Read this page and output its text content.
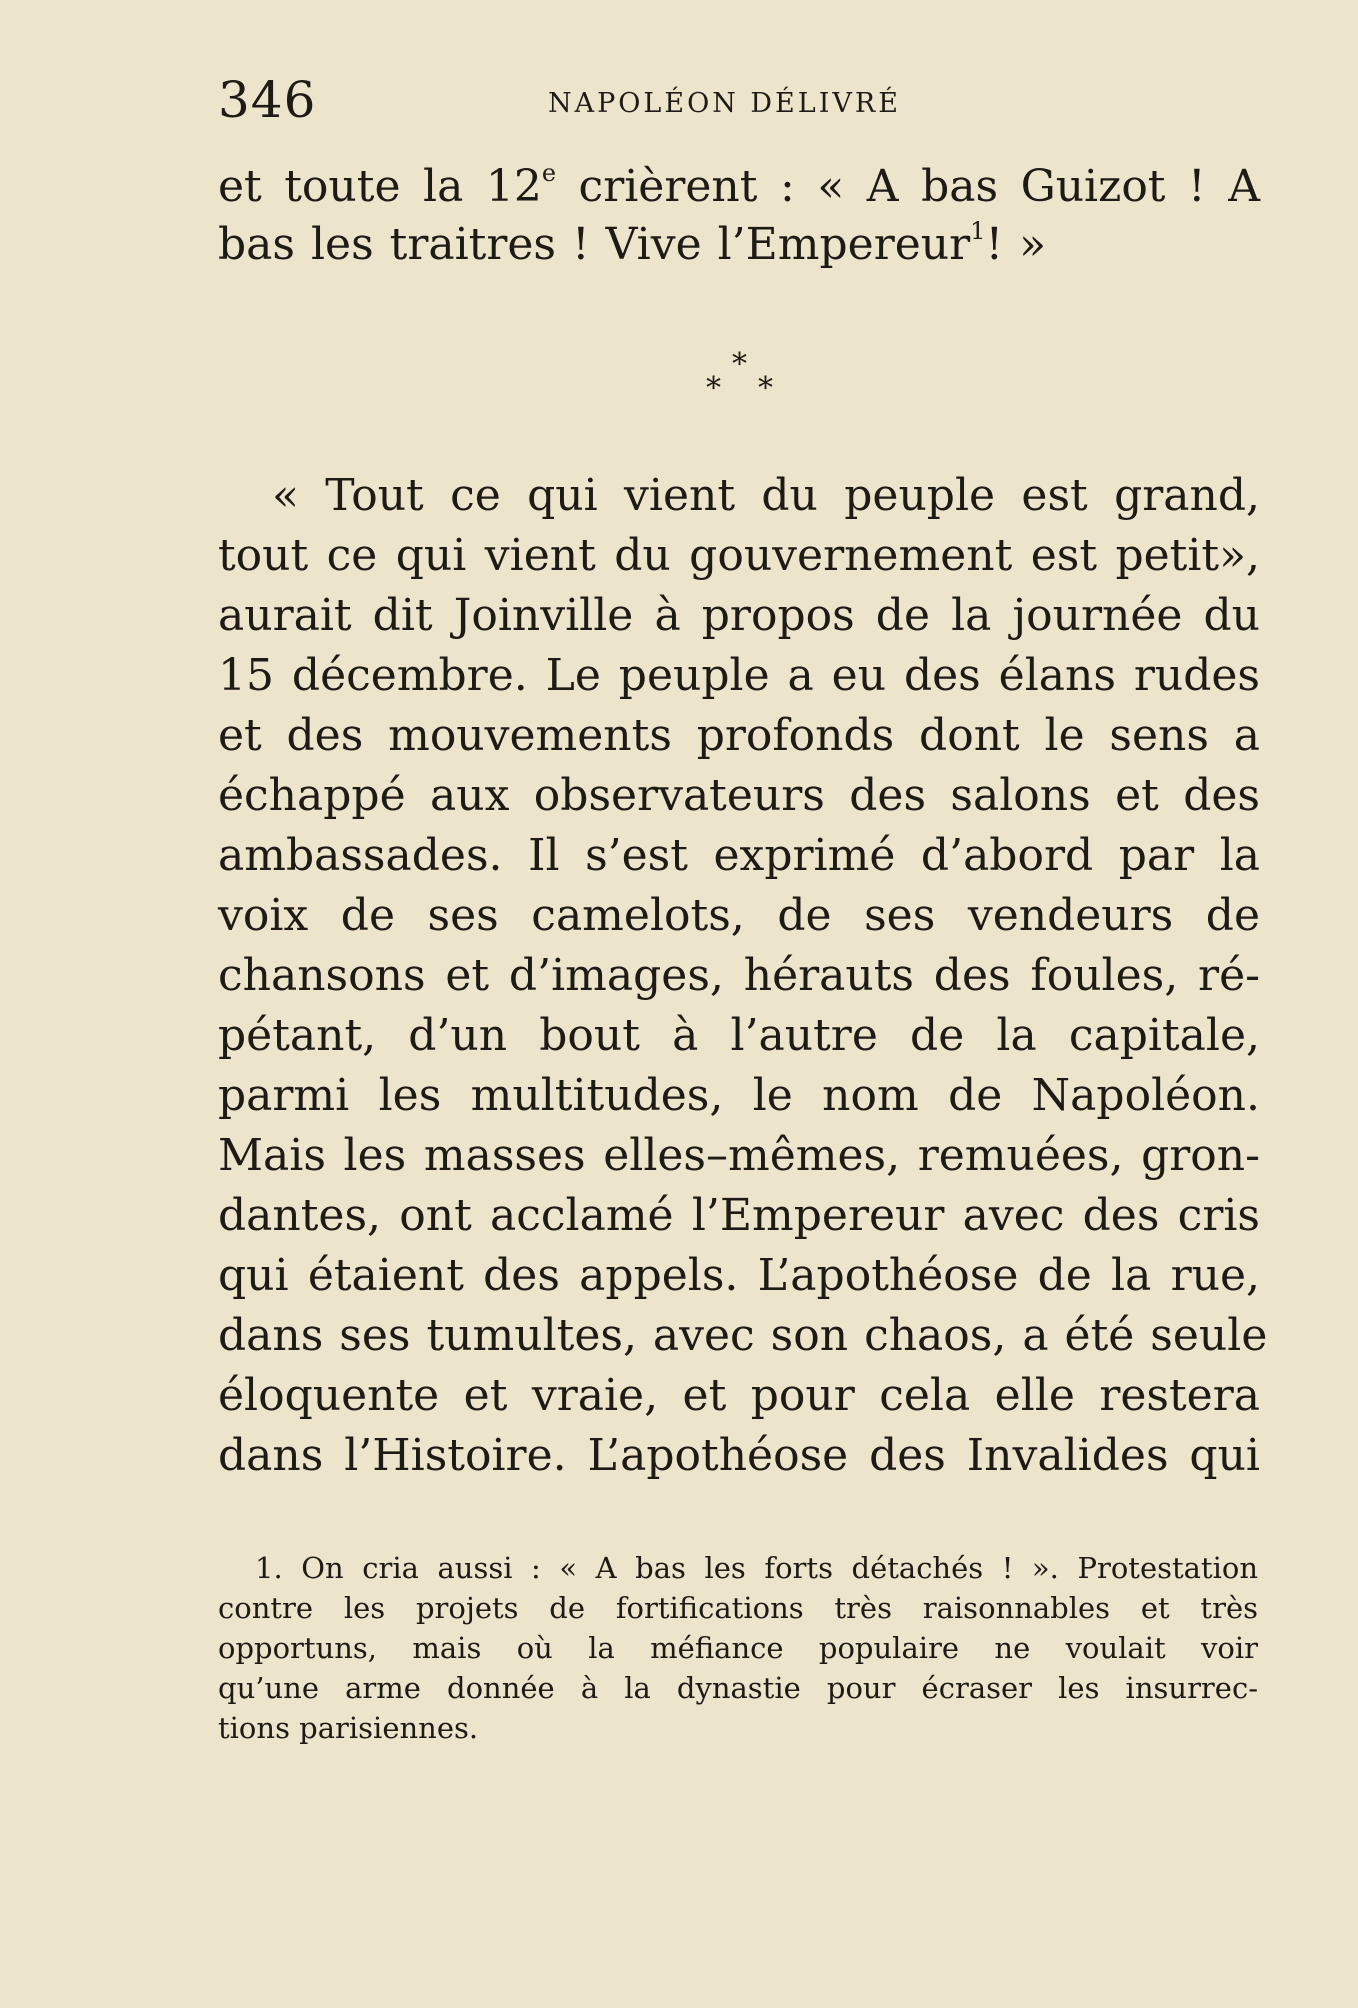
346	NAPOLÉON DÉLIVRÉ
et toute la 12e crièrent : « A bas Guizot ! A
bas les traitres ! Vive l’Empereur$^1$! »
*
* *
« Tout ce qui vient du peuple est grand,
tout ce qui vient du gouvernement est petit»,
aurait dit Joinville à propos de la journée du
15 décembre. Le peuple a eu des élans rudes
et des mouvements profonds dont le sens a
échappé aux observateurs des salons et des
ambassades. Il s’est exprimé d’abord par la
voix de ses camelots, de ses vendeurs de
chansons et d’images, hérauts des foules, ré-
pétant, d’un bout à l’autre de la capitale,
parmi les multitudes, le nom de Napoléon.
Mais les masses elles–mêmes, remuées, gron-
dantes, ont acclamé l’Empereur avec des cris
qui étaient des appels. L’apothéose de la rue,
dans ses tumultes, avec son chaos, a été seule
éloquente et vraie, et pour cela elle restera
dans l’Histoire. L’apothéose des Invalides qui
1. On cria aussi : « A bas les forts détachés ! ». Protestation
contre les projets de fortifications très raisonnables et très
opportuns, mais où la méfiance populaire ne voulait voir
qu’une arme donnée à la dynastie pour écraser les insurrec-
tions parisiennes.
